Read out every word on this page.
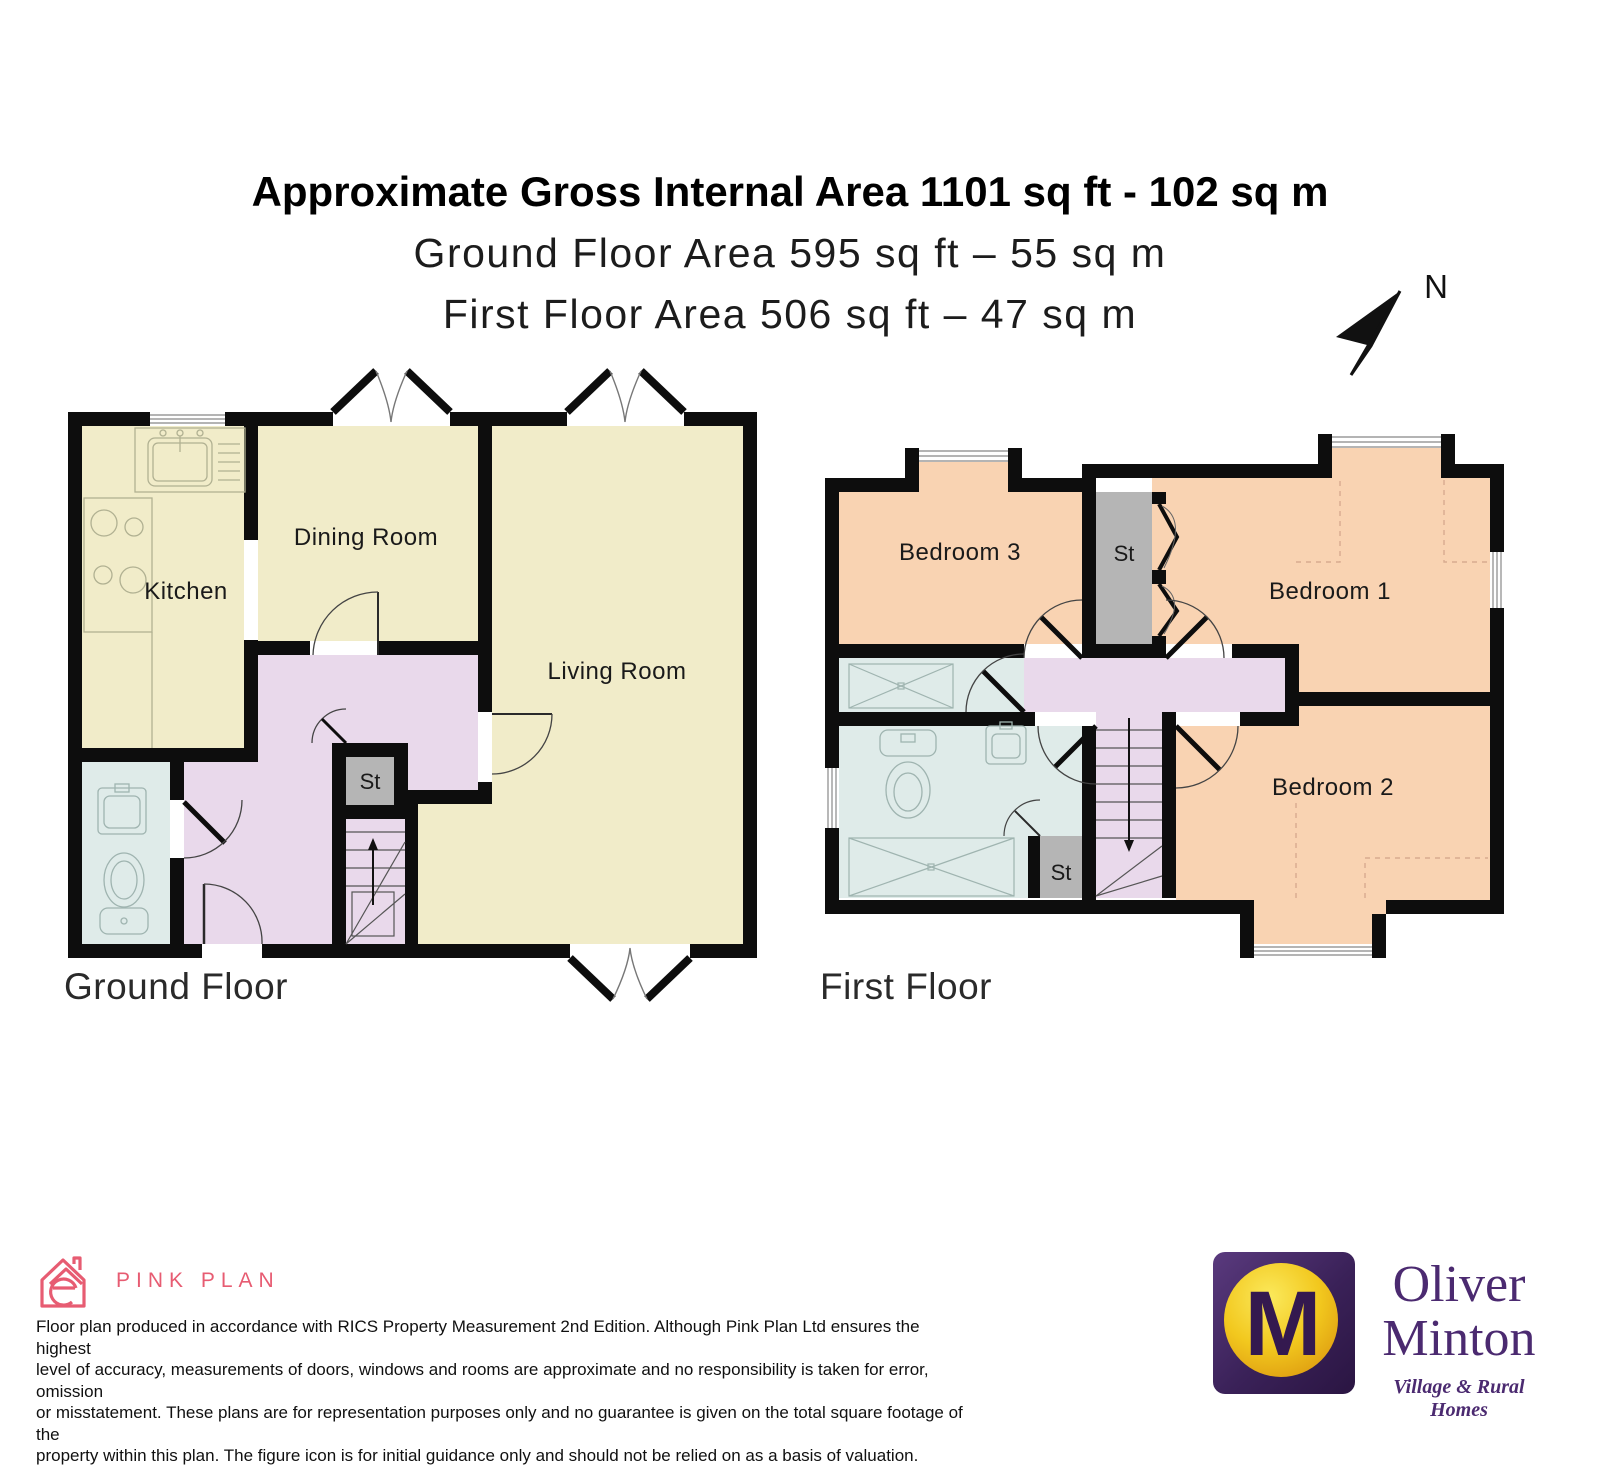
Approximate Gross Internal Area 1101 sq ft - 102 sq m
Ground Floor Area 595 sq ft – 55 sq m
First Floor Area 506 sq ft – 47 sq m
N
Kitchen
Dining Room
Living Room
St
Bedroom 3	St
Bedroom 1
Bedroom 2
St
Ground Floor	First Floor
PINK PLAN
Floor plan produced in accordance with RICS Property Measurement 2nd Edition. Although Pink Plan Ltd ensures the highest
level of accuracy, measurements of doors, windows and rooms are approximate and no responsibility is taken for error, omission
or misstatement. These plans are for representation purposes only and no guarantee is given on the total square footage of the
property within this plan. The figure icon is for initial guidance only and should not be relied on as a basis of valuation.
M	Oliver
Minton
Village & Rural Homes
